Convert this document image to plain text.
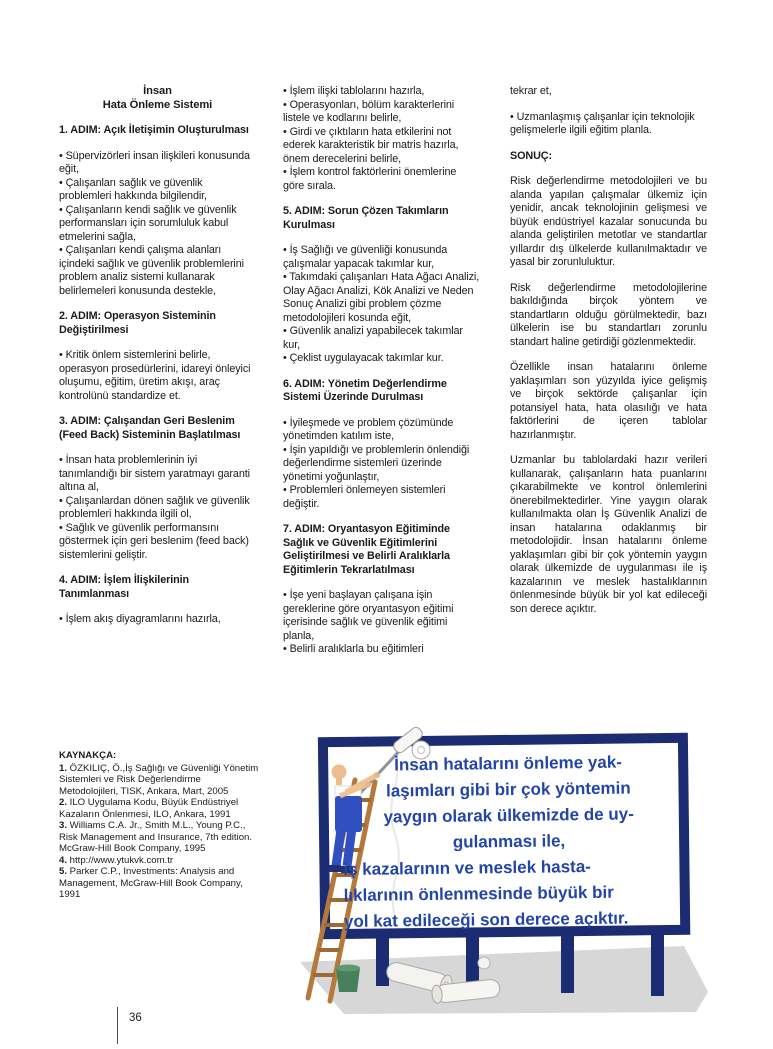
İnsan
Hata Önleme Sistemi

1. ADIM: Açık İletişimin Oluşturulması

• Süpervizörleri insan ilişkileri konusunda eğit,

• Çalışanları sağlık ve güvenlik problemleri hakkında bilgilendir,

• Çalışanların kendi sağlık ve güvenlik performansları için sorumluluk kabul etmelerini sağla,

• Çalışanları kendi çalışma alanları içindeki sağlık ve güvenlik problemlerini problem analiz sistemi kullanarak belirlemeleri konusunda destekle,

2. ADIM: Operasyon Sisteminin Değiştirilmesi

• Kritik önlem sistemlerini belirle, operasyon prosedürlerini, idareyi önleyici oluşumu, eğitim, üretim akışı, araç kontrolünü standardize et.

3. ADIM: Çalışandan Geri Beslenim (Feed Back) Sisteminin Başlatılması

• İnsan hata problemlerinin iyi tanımlandığı bir sistem yaratmayı garanti altına al,

• Çalışanlardan dönen sağlık ve güvenlik problemleri hakkında ilgili ol,

• Sağlık ve güvenlik performansını göstermek için geri beslenim (feed back) sistemlerini geliştir.

4. ADIM: İşlem İlişkilerinin Tanımlanması

• İşlem akış diyagramlarını hazırla,

• İşlem ilişki tablolarını hazırla,

• Operasyonları, bölüm karakterlerini listele ve kodlarını belirle,

• Girdi ve çıktıların hata etkilerini not ederek karakteristik bir matris hazırla, önem derecelerini belirle,

• İşlem kontrol faktörlerini önemlerine göre sırala.

5. ADIM: Sorun Çözen Takımların Kurulması

• İş Sağlığı ve güvenliği konusunda çalışmalar yapacak takımlar kur,

• Takımdaki çalışanları Hata Ağacı Analizi, Olay Ağacı Analizi, Kök Analizi ve Neden Sonuç Analizi gibi problem çözme metodolojileri kosunda eğit,

• Güvenlik analizi yapabilecek takımlar kur,

• Çeklist uygulayacak takımlar kur.

6. ADIM: Yönetim Değerlendirme Sistemi Üzerinde Durulması

• İyileşmede ve problem çözümünde yönetimden katılım iste,

• İşin yapıldığı ve problemlerin önlendiği değerlendirme sistemleri üzerinde yönetimi yoğunlaştır,

• Problemleri önlemeyen sistemleri değiştir.

7. ADIM: Oryantasyon Eğitiminde Sağlık ve Güvenlik Eğitimlerini Geliştirilmesi ve Belirli Aralıklarla Eğitimlerin Tekrarlatılması

• İşe yeni başlayan çalışana işin gereklerine göre oryantasyon eğitimi içerisinde sağlık ve güvenlik eğitimi planla,

• Belirli aralıklarla bu eğitimleri

tekrar et,

• Uzmanlaşmış çalışanlar için teknolojik gelişmelerle ilgili eğitim planla.

SONUÇ:

Risk değerlendirme metodolojileri ve bu alanda yapılan çalışmalar ülkemiz için yenidir, ancak teknolojinin gelişmesi ve büyük endüstriyel kazalar sonucunda bu alanda geliştirilen metotlar ve standartlar yıllardır dış ülkelerde kullanılmaktadır ve yasal bir zorunluluktur.

Risk değerlendirme metodolojilerine bakıldığında birçok yöntem ve standartların olduğu görülmektedir, bazı ülkelerin ise bu standartları zorunlu standart haline getirdiği gözlenmektedir.

Özellikle insan hatalarını önleme yaklaşımları son yüzyılda iyice gelişmiş ve birçok sektörde çalışanlar için potansiyel hata, hata olasılığı ve hata faktörlerini de içeren tablolar hazırlanmıştır.

Uzmanlar bu tablolardaki hazır verileri kullanarak, çalışanların hata puanlarını çıkarabilmekte ve kontrol önlemlerini önerebilmektedirler. Yine yaygın olarak kullanılmakta olan İş Güvenlik Analizi de insan hatalarına odaklanmış bir metodolojidir. İnsan hatalarını önleme yaklaşımları gibi bir çok yöntemin yaygın olarak ülkemizde de uygulanması ile iş kazalarının ve meslek hastalıklarının önlenmesinde büyük bir yol kat edileceği son derece açıktır.

KAYNAKÇA:

1. ÖZKILIÇ, Ö.,İş Sağlığı ve Güvenliği Yönetim Sistemleri ve Risk Değerlendirme Metodolojileri, TISK, Ankara, Mart, 2005

2. ILO Uygulama Kodu, Büyük Endüstriyel Kazaların Önlenmesi, ILO, Ankara, 1991

3. Williams C.A. Jr., Smith M.L., Young P.C., Risk Management and Insurance, 7th edition. McGraw-Hill Book Company, 1995

4. http://www.ytukvk.com.tr

5. Parker C.P., Investments: Analysis and Management, McGraw-Hill Book Company, 1991

İnsan hatalarını önleme yak-
laşımları gibi bir çok yöntemin
yaygın olarak ülkemizde de uy-
gulanması ile,
iş kazalarının ve meslek hasta-
lıklarının önlenmesinde büyük bir
yol kat edileceği son derece açıktır.
36
